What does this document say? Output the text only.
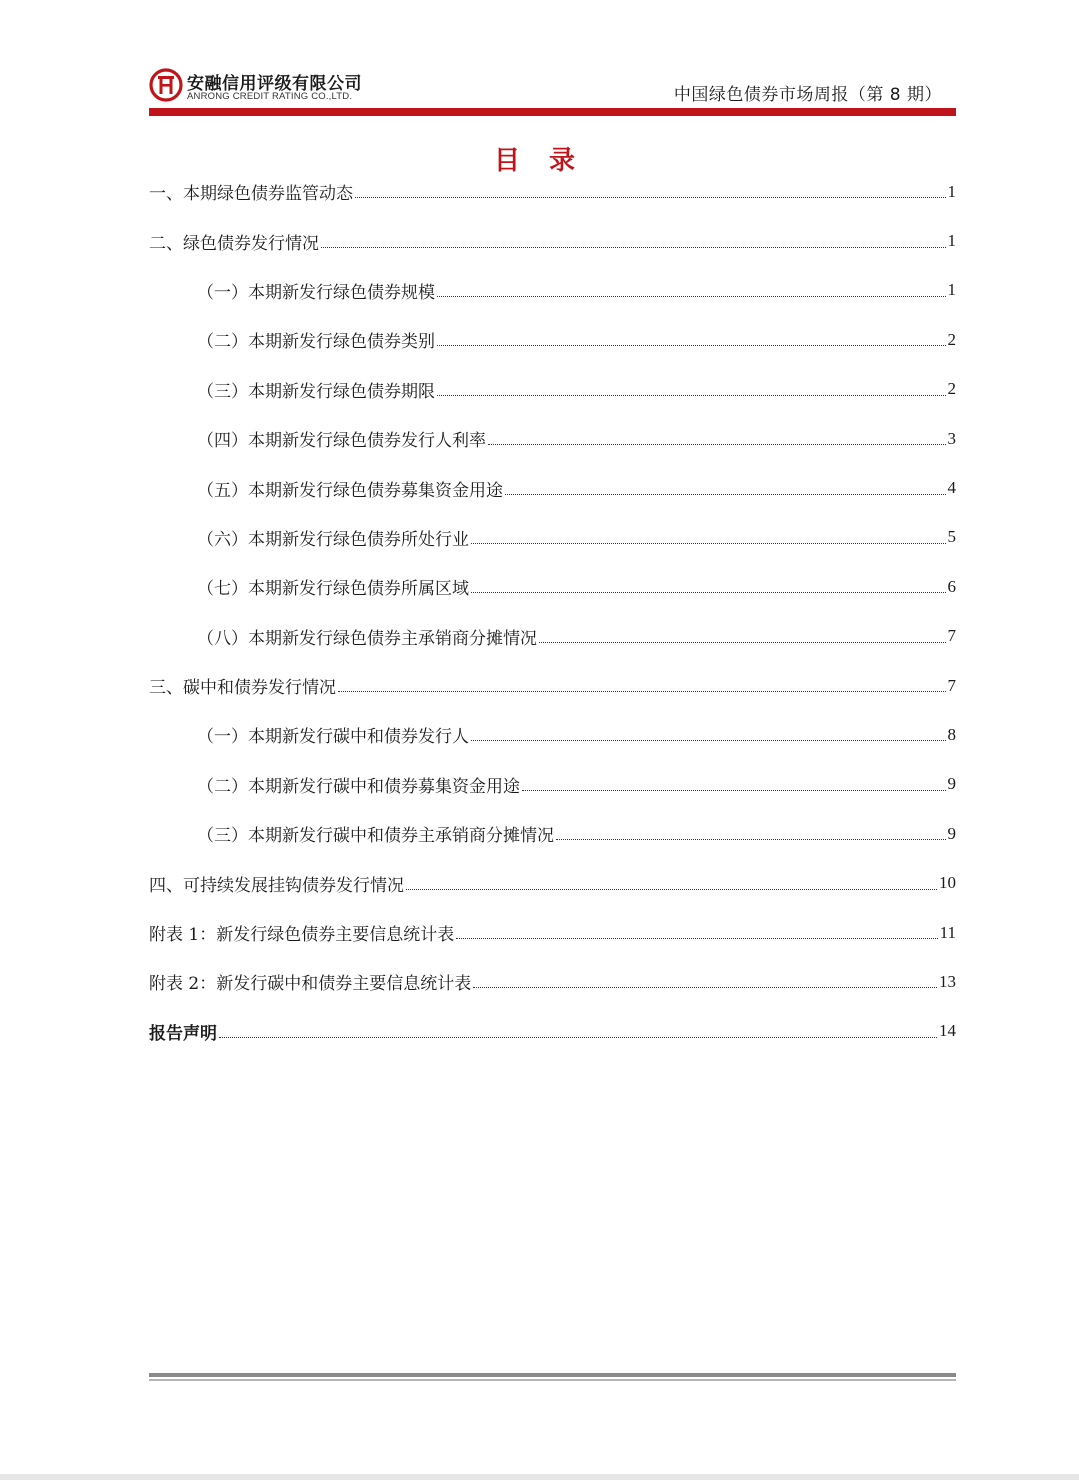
安融信用评级有限公司
ANRONG CREDIT RATING CO.,LTD.	中国绿色债券市场周报（第 8 期）
目 录
一、本期绿色债券监管动态	1
二、绿色债券发行情况	1
（一）本期新发行绿色债券规模	1
（二）本期新发行绿色债券类别	2
（三）本期新发行绿色债券期限	2
（四）本期新发行绿色债券发行人利率	3
（五）本期新发行绿色债券募集资金用途	4
（六）本期新发行绿色债券所处行业	5
（七）本期新发行绿色债券所属区域	6
（八）本期新发行绿色债券主承销商分摊情况	7
三、碳中和债券发行情况	7
（一）本期新发行碳中和债券发行人	8
（二）本期新发行碳中和债券募集资金用途	9
（三）本期新发行碳中和债券主承销商分摊情况	9
四、可持续发展挂钩债券发行情况	10
附表 1：新发行绿色债券主要信息统计表	11
附表 2：新发行碳中和债券主要信息统计表	13
报告声明	14
